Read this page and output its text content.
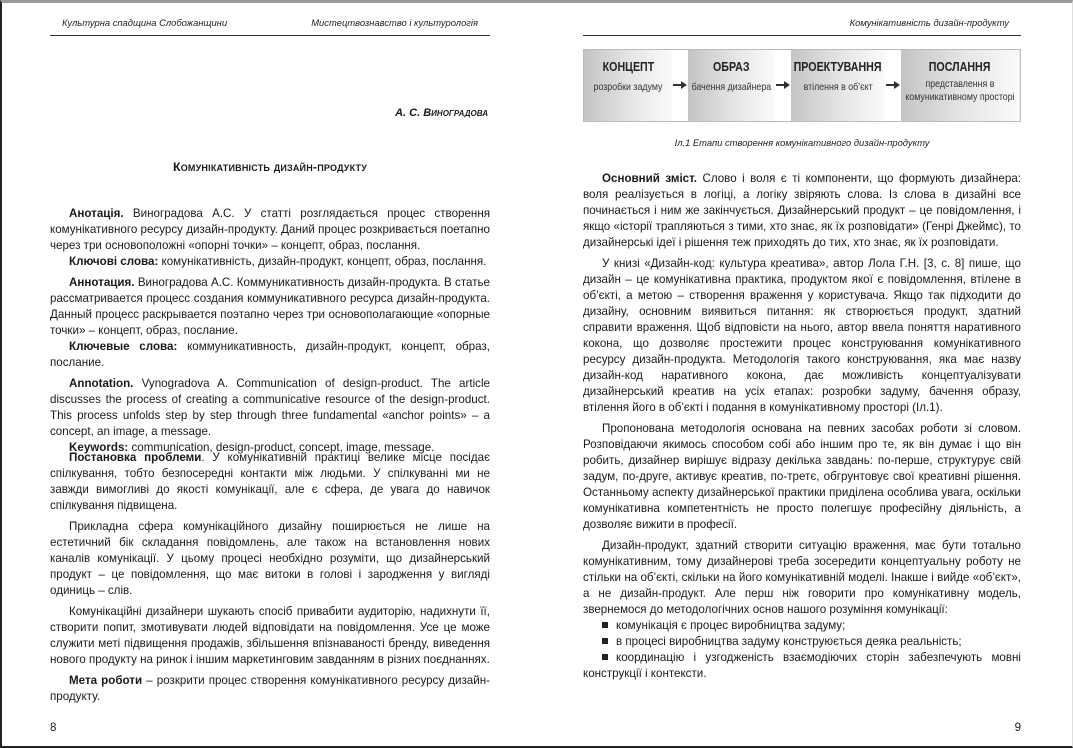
Культурна спадщина Слобожанщини	Мистецтвознавство і культурологія
А. С. Виноградова
Комунікативність дизайн-продукту

Анотація. Виноградова А.С. У статті розглядається процес створення комунікативного ресурсу дизайн-продукту. Даний процес розкривається поетапно через три основоположні «опорні точки» – концепт, образ, послання.

Ключові слова: комунікативність, дизайн-продукт, концепт, образ, послання.

Аннотация. Виноградова А.С. Коммуникативность дизайн-продукта. В статье рассматривается процесс создания коммуникативного ресурса дизайн-продукта. Данный процесс раскрывается поэтапно через три основополагающие «опорные точки» – концепт, образ, послание.

Ключевые слова: коммуникативность, дизайн-продукт, концепт, образ, послание.

Annotation. Vynogradova A. Communication of design-product. The article discusses the process of creating a communicative resource of the design-product. This process unfolds step by step through three fundamental «anchor points» – a concept, an image, a message.

Keywords: communication, design-product, concept, image, message.

Постановка проблеми. У комунікативній практиці велике місце посідає спілкування, тобто безпосередні контакти між людьми. У спілкуванні ми не завжди вимогливі до якості комунікації, але є сфера, де увага до навичок спілкування підвищена.

Прикладна сфера комунікаційного дизайну поширюється не лише на естетичний бік складання повідомлень, але також на встановлення нових каналів комунікації. У цьому процесі необхідно розуміти, що дизайнерський продукт – це повідомлення, що має витоки в голові і зародження у вигляді одиниць – слів.

Комунікаційні дизайнери шукають спосіб привабити аудиторію, надихнути її, створити попит, змотивувати людей відповідати на повідомлення. Усе це може служити меті підвищення продажів, збільшення впізнаваності бренду, виведення нового продукту на ринок і іншим маркетинговим завданням в різних поєднаннях.

Мета роботи – розкрити процес створення комунікативного ресурсу дизайн-продукту.

8
Комунікативність дизайн-продукту
КОНЦЕПТ
розробки задуму
ОБРАЗ
бачення дизайнера
ПРОЕКТУВАННЯ
втілення в об’єкт
ПОСЛАННЯ
представлення в
комуникативному просторі
Іл.1 Етапи створення комунікативного дизайн-продукту

Основний зміст. Слово і воля є ті компоненти, що формують дизайнера: воля реалізується в логіці, а логіку звіряють слова. Із слова в дизайні все починається і ним же закінчується. Дизайнерський продукт – це повідомлення, і якщо «історії трапляються з тими, хто знає, як їх розповідати» (Генрі Джеймс), то дизайнерські ідеї і рішення теж приходять до тих, хто знає, як їх розповідати.

У книзі «Дизайн-код: культура креатива», автор Лола Г.Н. [3, с. 8] пише, що дизайн – це комунікативна практика, продуктом якої є повідомлення, втілене в об’єкті, а метою – створення враження у користувача. Якщо так підходити до дизайну, основним виявиться питання: як створюється продукт, здатний справити враження. Щоб відповісти на нього, автор ввела поняття наративного кокона, що дозволяє простежити процес конструювання комунікативного ресурсу дизайн-продукта. Методологія такого конструювання, яка має назву дизайн-код наративного кокона, дає можливість концептуалізувати дизайнерський креатив на усіх етапах: розробки задуму, бачення образу, втілення його в об’єкті і подання в комунікативному просторі (Іл.1).

Пропонована методологія основана на певних засобах роботи зі словом. Розповідаючи якимось способом собі або іншим про те, як він думає і що він робить, дизайнер вирішує відразу декілька завдань: по-перше, структурує свій задум, по-друге, активує креатив, по-третє, обгрунтовує свої креативні рішення. Останньому аспекту дизайнерської практики приділена особлива увага, оскільки комунікативна компетентність не просто полегшує професійну діяльність, а дозволяє вижити в професії.

Дизайн-продукт, здатний створити ситуацію враження, має бути тотально комунікативним, тому дизайнерові треба зосередити концептуальну роботу не стільки на об’єкті, скільки на його комунікативній моделі. Інакше і вийде «об’єкт», а не дизайн-продукт. Але перш ніж говорити про комунікативну модель, звернемося до методологічних основ нашого розуміння комунікації:

комунікація є процес виробництва задуму;
в процесі виробництва задуму конструюється деяка реальність;
координацію і узгодженість взаємодіючих сторін забезпечують мовні конструкції і контексти.
9
